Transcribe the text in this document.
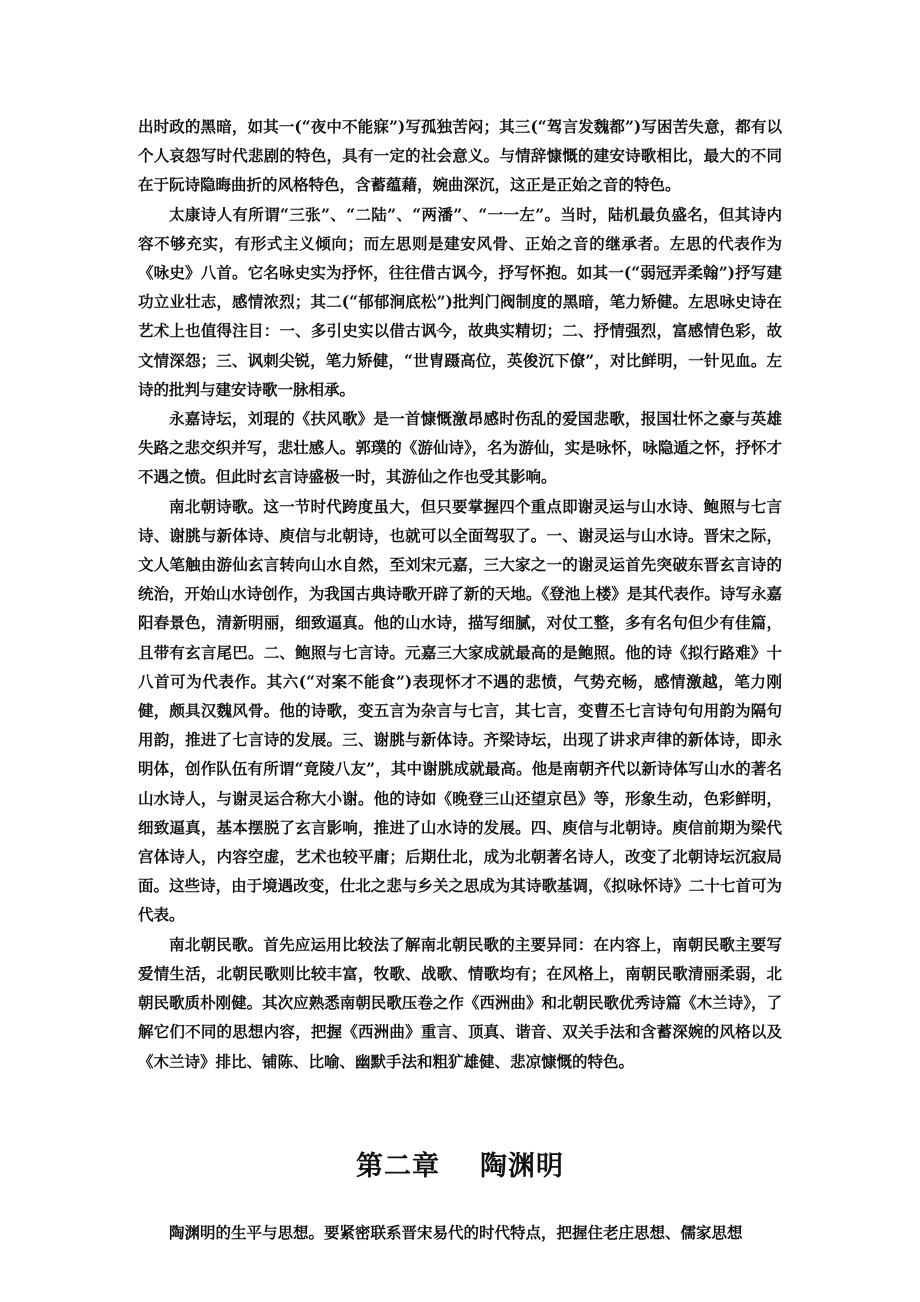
出时政的黑暗，如其一(“夜中不能寐”)写孤独苦闷；其三(“驾言发魏都”)写困苦失意，都有以个人哀怨写时代悲剧的特色，具有一定的社会意义。与情辞慷慨的建安诗歌相比，最大的不同在于阮诗隐晦曲折的风格特色，含蓄蕴藉，婉曲深沉，这正是正始之音的特色。

太康诗人有所谓“三张”、“二陆”、“两潘”、“一一左”。当时，陆机最负盛名，但其诗内容不够充实，有形式主义倾向；而左思则是建安风骨、正始之音的继承者。左思的代表作为《咏史》八首。它名咏史实为抒怀，往往借古讽今，抒写怀抱。如其一(“弱冠弄柔翰”)抒写建功立业壮志，感情浓烈；其二(“郁郁涧底松”)批判门阀制度的黑暗，笔力矫健。左思咏史诗在艺术上也值得注目：一、多引史实以借古讽今，故典实精切；二、抒情强烈，富感情色彩，故文情深怨；三、讽刺尖锐，笔力矫健，“世胄蹑高位，英俊沉下僚”，对比鲜明，一针见血。左诗的批判与建安诗歌一脉相承。

永嘉诗坛，刘琨的《扶风歌》是一首慷慨激昂感时伤乱的爱国悲歌，报国壮怀之豪与英雄失路之悲交织并写，悲壮感人。郭璞的《游仙诗》，名为游仙，实是咏怀，咏隐遁之怀，抒怀才不遇之愤。但此时玄言诗盛极一时，其游仙之作也受其影响。

南北朝诗歌。这一节时代跨度虽大，但只要掌握四个重点即谢灵运与山水诗、鲍照与七言诗、谢朓与新体诗、庾信与北朝诗，也就可以全面驾驭了。一、谢灵运与山水诗。晋宋之际，文人笔触由游仙玄言转向山水自然，至刘宋元嘉，三大家之一的谢灵运首先突破东晋玄言诗的统治，开始山水诗创作，为我国古典诗歌开辟了新的天地。《登池上楼》是其代表作。诗写永嘉阳春景色，清新明丽，细致逼真。他的山水诗，描写细腻，对仗工整，多有名句但少有佳篇，且带有玄言尾巴。二、鲍照与七言诗。元嘉三大家成就最高的是鲍照。他的诗《拟行路难》十八首可为代表作。其六(“对案不能食”)表现怀才不遇的悲愤，气势充畅，感情激越，笔力刚健，颇具汉魏风骨。他的诗歌，变五言为杂言与七言，其七言，变曹丕七言诗句句用韵为隔句用韵，推进了七言诗的发展。三、谢朓与新体诗。齐梁诗坛，出现了讲求声律的新体诗，即永明体，创作队伍有所谓“竟陵八友”，其中谢朓成就最高。他是南朝齐代以新诗体写山水的著名山水诗人，与谢灵运合称大小谢。他的诗如《晚登三山还望京邑》等，形象生动，色彩鲜明，细致逼真，基本摆脱了玄言影响，推进了山水诗的发展。四、庾信与北朝诗。庾信前期为梁代宫体诗人，内容空虚，艺术也较平庸；后期仕北，成为北朝著名诗人，改变了北朝诗坛沉寂局面。这些诗，由于境遇改变，仕北之悲与乡关之思成为其诗歌基调，《拟咏怀诗》二十七首可为代表。

南北朝民歌。首先应运用比较法了解南北朝民歌的主要异同：在内容上，南朝民歌主要写爱情生活，北朝民歌则比较丰富，牧歌、战歌、情歌均有；在风格上，南朝民歌清丽柔弱，北朝民歌质朴刚健。其次应熟悉南朝民歌压卷之作《西洲曲》和北朝民歌优秀诗篇《木兰诗》，了解它们不同的思想内容，把握《西洲曲》重言、顶真、谐音、双关手法和含蓄深婉的风格以及《木兰诗》排比、铺陈、比喻、幽默手法和粗犷雄健、悲凉慷慨的特色。

第二章 陶渊明

陶渊明的生平与思想。要紧密联系晋宋易代的时代特点，把握住老庄思想、儒家思想
